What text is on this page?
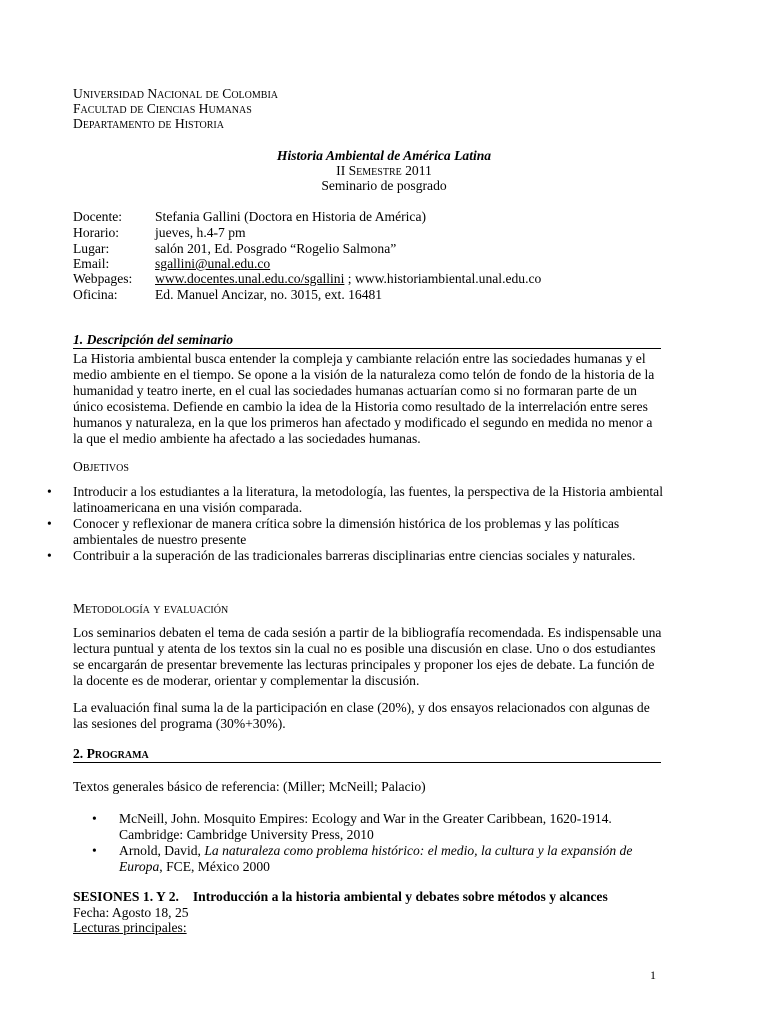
Universidad Nacional de Colombia
Facultad de Ciencias Humanas
Departamento de Historia
Historia Ambiental de América Latina
II Semestre 2011
Seminario de posgrado
Docente: Stefania Gallini (Doctora en Historia de América)
Horario:	jueves, h.4-7 pm
Lugar:	salón 201, Ed. Posgrado “Rogelio Salmona”
Email:	sgallini@unal.edu.co
Webpages: www.docentes.unal.edu.co/sgallini ; www.historiambiental.unal.edu.co
Oficina:	Ed. Manuel Ancizar, no. 3015, ext. 16481
1. Descripción del seminario
La Historia ambiental busca entender la compleja y cambiante relación entre las sociedades humanas y el medio ambiente en el tiempo. Se opone a la visión de la naturaleza como telón de fondo de la historia de la humanidad y teatro inerte, en el cual las sociedades humanas actuarían como si no formaran parte de un único ecosistema. Defiende en cambio la idea de la Historia como resultado de la interrelación entre seres humanos y naturaleza, en la que los primeros han afectado y modificado el segundo en medida no menor a la que el medio ambiente ha afectado a las sociedades humanas.
Objetivos
• Introducir a los estudiantes a la literatura, la metodología, las fuentes, la perspectiva de la Historia ambiental latinoamericana en una visión comparada.
• Conocer y reflexionar de manera crítica sobre la dimensión histórica de los problemas y las políticas ambientales de nuestro presente
• Contribuir a la superación de las tradicionales barreras disciplinarias entre ciencias sociales y naturales.
Metodología y evaluación
Los seminarios debaten el tema de cada sesión a partir de la bibliografía recomendada. Es indispensable una lectura puntual y atenta de los textos sin la cual no es posible una discusión en clase. Uno o dos estudiantes se encargarán de presentar brevemente las lecturas principales y proponer los ejes de debate. La función de la docente es de moderar, orientar y complementar la discusión.
La evaluación final suma la de la participación en clase (20%), y dos ensayos relacionados con algunas de las sesiones del programa (30%+30%).
2. Programa
Textos generales básico de referencia: (Miller; McNeill; Palacio)
• McNeill, John. Mosquito Empires: Ecology and War in the Greater Caribbean, 1620-1914. Cambridge: Cambridge University Press, 2010
• Arnold, David, La naturaleza como problema histórico: el medio, la cultura y la expansión de Europa, FCE, México 2000
SESIONES 1. Y 2. Introducción a la historia ambiental y debates sobre métodos y alcances
Fecha: Agosto 18, 25
Lecturas principales:
1
